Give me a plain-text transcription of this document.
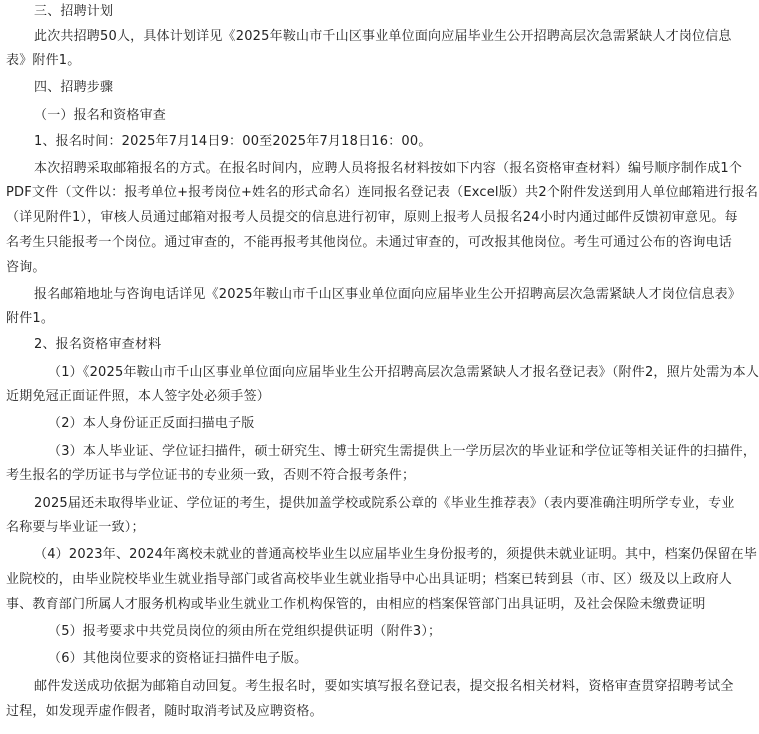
三、招聘计划
此次共招聘50人，具体计划详见《2025年鞍山市千山区事业单位面向应届毕业生公开招聘高层次急需紧缺人才岗位信息
表》附件1。
四、招聘步骤
（一）报名和资格审查
1、报名时间：2025年7月14日9：00至2025年7月18日16：00。
本次招聘采取邮箱报名的方式。在报名时间内，应聘人员将报名材料按如下内容（报名资格审查材料）编号顺序制作成1个
PDF文件（文件以：报考单位+报考岗位+姓名的形式命名）连同报名登记表（Excel版）共2个附件发送到用人单位邮箱进行报名
（详见附件1），审核人员通过邮箱对报考人员提交的信息进行初审，原则上报考人员报名24小时内通过邮件反馈初审意见。每
名考生只能报考一个岗位。通过审查的，不能再报考其他岗位。未通过审查的，可改报其他岗位。考生可通过公布的咨询电话
咨询。
报名邮箱地址与咨询电话详见《2025年鞍山市千山区事业单位面向应届毕业生公开招聘高层次急需紧缺人才岗位信息表》
附件1。
2、报名资格审查材料
（1）《2025年鞍山市千山区事业单位面向应届毕业生公开招聘高层次急需紧缺人才报名登记表》（附件2，照片处需为本人
近期免冠正面证件照，本人签字处必须手签）
（2）本人身份证正反面扫描电子版
（3）本人毕业证、学位证扫描件，硕士研究生、博士研究生需提供上一学历层次的毕业证和学位证等相关证件的扫描件，
考生报名的学历证书与学位证书的专业须一致，否则不符合报考条件；
2025届还未取得毕业证、学位证的考生，提供加盖学校或院系公章的《毕业生推荐表》（表内要准确注明所学专业，专业
名称要与毕业证一致）；
（4）2023年、2024年离校未就业的普通高校毕业生以应届毕业生身份报考的，须提供未就业证明。其中，档案仍保留在毕
业院校的，由毕业院校毕业生就业指导部门或省高校毕业生就业指导中心出具证明；档案已转到县（市、区）级及以上政府人
事、教育部门所属人才服务机构或毕业生就业工作机构保管的，由相应的档案保管部门出具证明，及社会保险未缴费证明
（5）报考要求中共党员岗位的须由所在党组织提供证明（附件3）；
（6）其他岗位要求的资格证扫描件电子版。
邮件发送成功依据为邮箱自动回复。考生报名时，要如实填写报名登记表，提交报名相关材料，资格审查贯穿招聘考试全
过程，如发现弄虚作假者，随时取消考试及应聘资格。
